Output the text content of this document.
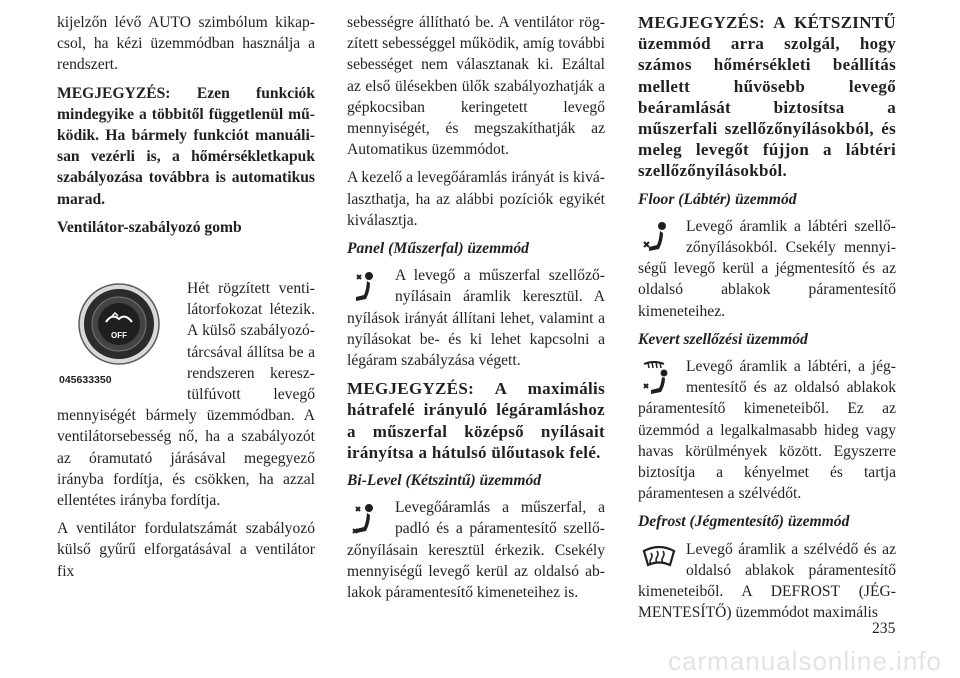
kijelzőn lévő AUTO szimbólum kikapcsol, ha kézi üzemmódban használja a rendszert.

MEGJEGYZÉS: Ezen funkciók mindegyike a többitől függetlenül működik. Ha bármely funkciót manuálisan vezérli is, a hőmérsékletkapuk szabályozása továbbra is automatikus marad.

Ventilátor-szabályozó gomb

OFF
045633350

Hét rögzített ventilátorfokozat létezik. A külső szabályozótárcsával állítsa be a rendszeren keresztülfúvott levegő mennyiségét bármely üzemmódban. A ventilátorsebesség nő, ha a szabályozót az óramutató járásával megegyező irányba fordítja, és csökken, ha azzal ellentétes irányba fordítja.

A ventilátor fordulatszámát szabályozó külső gyűrű elforgatásával a ventilátor fix

sebességre állítható be. A ventilátor rögzített sebességgel működik, amíg további sebességet nem választanak ki. Ezáltal az első ülésekben ülők szabályozhatják a gépkocsiban keringetett levegő mennyiségét, és megszakíthatják az Automatikus üzemmódot.

A kezelő a levegőáramlás irányát is kiválaszthatja, ha az alábbi pozíciók egyikét kiválasztja.

Panel (Műszerfal) üzemmód

A levegő a műszerfal szellőzőnyílásain áramlik keresztül. A nyílások irányát állítani lehet, valamint a nyílásokat be- és ki lehet kapcsolni a légáram szabályzása végett.

MEGJEGYZÉS: A maximális hátrafelé irányuló légáramláshoz a műszerfal középső nyílásait irányítsa a hátulsó ülőutasok felé.

Bi-Level (Kétszintű) üzemmód

Levegőáramlás a műszerfal, a padló és a páramentesítő szellőzőnyílásain keresztül érkezik. Csekély mennyiségű levegő kerül az oldalsó ablakok páramentesítő kimeneteihez is.

MEGJEGYZÉS: A KÉTSZINTŰ üzemmód arra szolgál, hogy számos hőmérsékleti beállítás mellett hűvösebb levegő beáramlását biztosítsa a műszerfali szellőzőnyílásokból, és meleg levegőt fújjon a lábtéri szellőzőnyílásokból.

Floor (Lábtér) üzemmód

Levegő áramlik a lábtéri szellőzőnyílásokból. Csekély mennyiségű levegő kerül a jégmentesítő és az oldalsó ablakok páramentesítő kimeneteihez.

Kevert szellőzési üzemmód

Levegő áramlik a lábtéri, a jégmentesítő és az oldalsó ablakok páramentesítő kimeneteiből. Ez az üzemmód a legalkalmasabb hideg vagy havas körülmények között. Egyszerre biztosítja a kényelmet és tartja páramentesen a szélvédőt.

Defrost (Jégmentesítő) üzemmód

Levegő áramlik a szélvédő és az oldalsó ablakok páramentesítő kimeneteiből. A DEFROST (JÉGMENTESÍTŐ) üzemmódot maximális

235
carmanualsonline.info
